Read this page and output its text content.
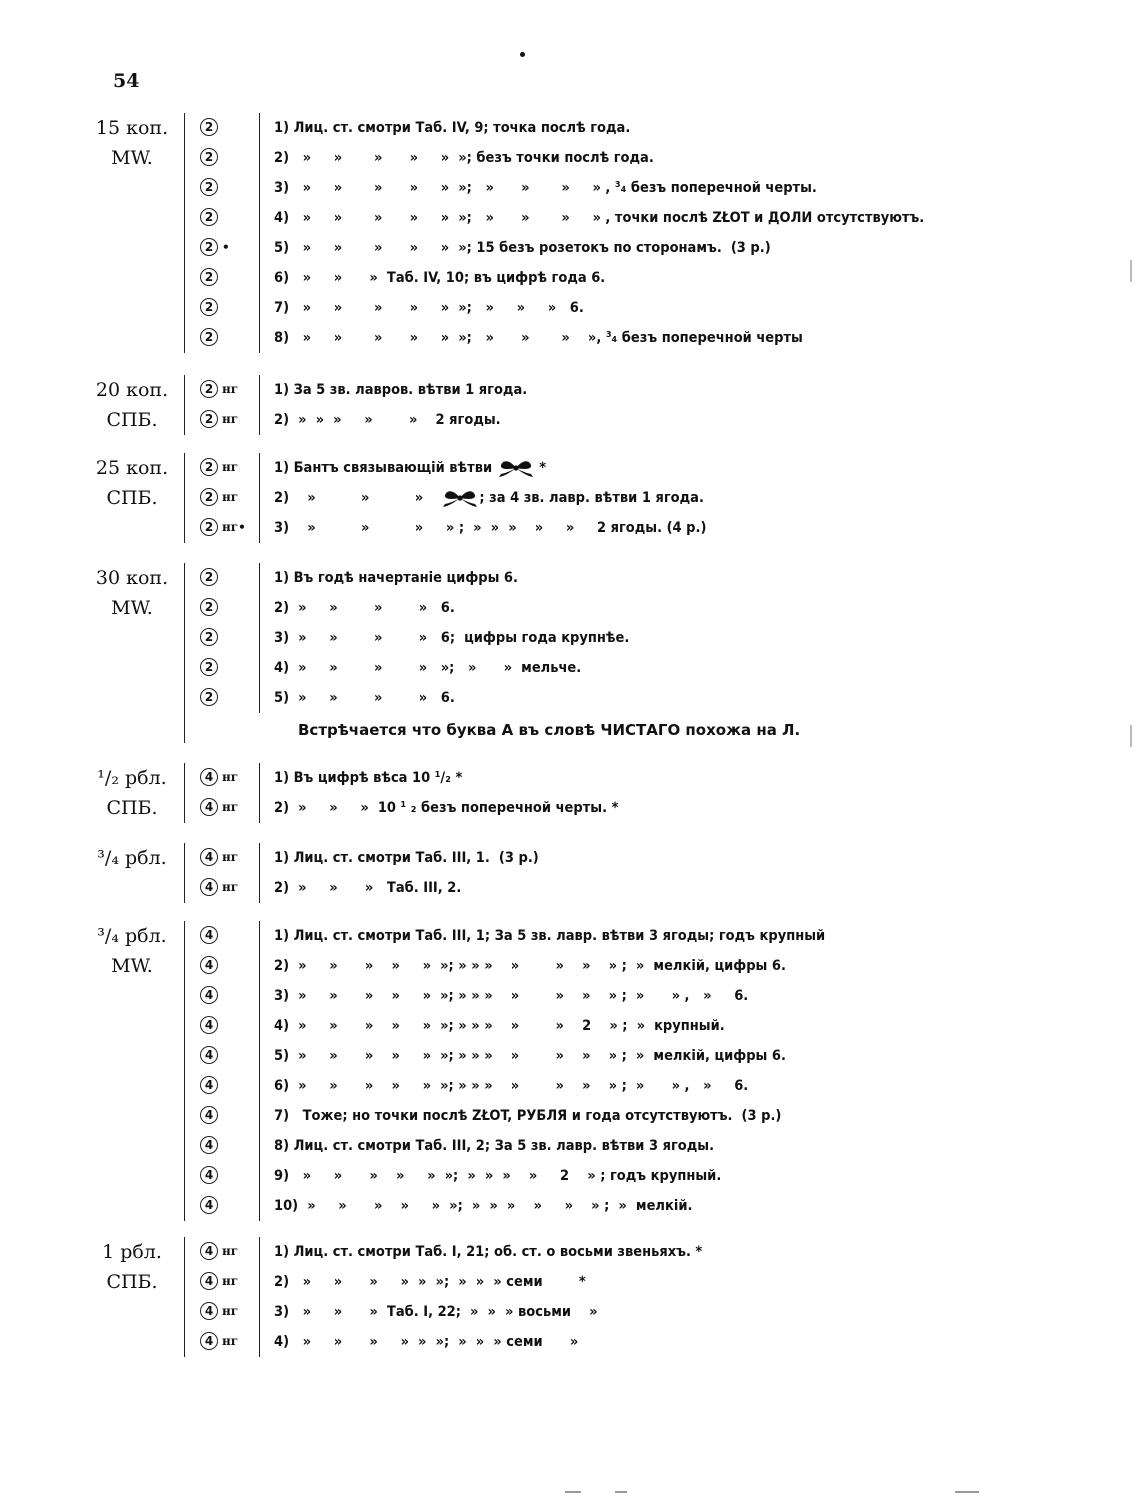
54
15 коп.
MW.
2	1) Лиц. ст. смотри Таб. IV, 9; точка послѣ года.
2	2)   »     »       »      »     »  »; безъ точки послѣ года.
2	3)   »     »       »      »     »  »;   »      »       »     » , ³₄ безъ поперечной черты.
2	4)   »     »       »      »     »  »;   »      »       »     » , точки послѣ ZŁOT и ДОЛИ отсутствуютъ.
2 •	5)   »     »       »      »     »  »; 15 безъ розетокъ по сторонамъ.  (3 р.)
2	6)   »     »      »  Таб. IV, 10; въ цифрѣ года 6.
2	7)   »     »       »      »     »  »;   »     »     »   6.
2	8)   »     »       »      »     »  »;   »      »       »    », ³₄ безъ поперечной черты
20 коп.
СПБ.
2 нг 1) За 5 зв. лавров. вѣтви 1 ягода.
2 нг 2)  »  »  »     »        »    2 ягоды.
25 коп.
СПБ.
2 нг 1) Бантъ связывающій вѣтви	*
2 нг 2)    »          »          »	; за 4 зв. лавр. вѣтви 1 ягода.
2 нг• 3)    »          »          »     » ;  »  »  »    »     »     2 ягоды. (4 р.)
30 коп.
MW.
2	1) Въ годѣ начертаніе цифры 6.
2	2)  »     »        »        »   6.
2	3)  »     »        »        »   6;  цифры года крупнѣе.
2	4)  »     »        »        »   »;   »      »  мельче.
2	5)  »     »        »        »   6.
Встрѣчается что буква А въ словѣ ЧИСТАГО похожа на Л.
¹/₂ рбл.
СПБ.
4 нг 1) Въ цифрѣ вѣса 10 ¹/₂ *
4 нг 2)  »     »     »  10 ¹ ₂ безъ поперечной черты. *
³/₄ рбл.	4 нг 1) Лиц. ст. смотри Таб. III, 1.  (3 р.)
4 нг 2)  »     »      »   Таб. III, 2.
³/₄ рбл.
MW.
4	1) Лиц. ст. смотри Таб. III, 1; За 5 зв. лавр. вѣтви 3 ягоды; годъ крупный
4	2)  »     »      »    »     »  »; » » »    »        »    »    » ;  »  мелкій, цифры 6.
4	3)  »     »      »    »     »  »; » » »    »        »    »    » ;  »      » ,   »     6.
4	4)  »     »      »    »     »  »; » » »    »        »    2    » ;  »  крупный.
4	5)  »     »      »    »     »  »; » » »    »        »    »    » ;  »  мелкій, цифры 6.
4	6)  »     »      »    »     »  »; » » »    »        »    »    » ;  »      » ,   »     6.
4	7)   Тоже; но точки послѣ ZŁOT, РУБЛЯ и года отсутствуютъ.  (3 р.)
4	8) Лиц. ст. смотри Таб. III, 2; За 5 зв. лавр. вѣтви 3 ягоды.
4	9)   »     »      »    »     »  »;  »  »  »    »     2    » ; годъ крупный.
4	10)  »     »      »    »     »  »;  »  »  »    »     »    » ;  »  мелкій.
1 рбл.
СПБ.
4 нг 1) Лиц. ст. смотри Таб. I, 21; об. ст. о восьми звеньяхъ. *
4 нг 2)   »     »      »     »  »  »;  »  »  » семи        *
4 нг 3)   »     »      »  Таб. I, 22;  »  »  » восьми    »
4 нг 4)   »     »      »     »  »  »;  »  »  » семи      »
